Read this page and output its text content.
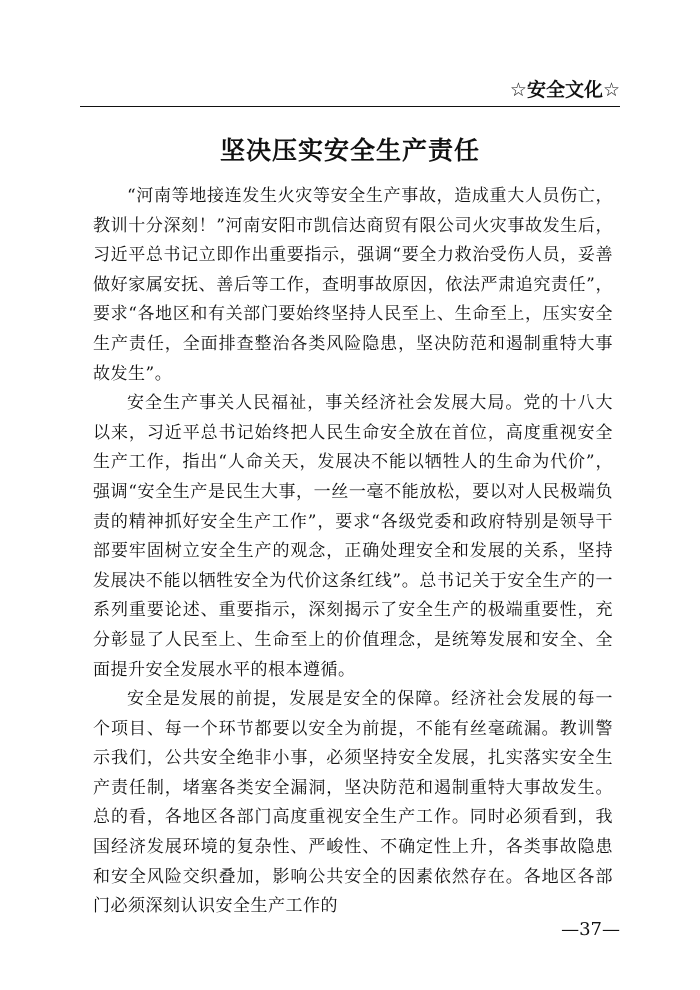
☆安全文化☆
坚决压实安全生产责任

“河南等地接连发生火灾等安全生产事故，造成重大人员伤亡，教训十分深刻！”河南安阳市凯信达商贸有限公司火灾事故发生后，习近平总书记立即作出重要指示，强调“要全力救治受伤人员，妥善做好家属安抚、善后等工作，查明事故原因，依法严肃追究责任”，要求“各地区和有关部门要始终坚持人民至上、生命至上，压实安全生产责任，全面排查整治各类风险隐患，坚决防范和遏制重特大事故发生”。

安全生产事关人民福祉，事关经济社会发展大局。党的十八大以来，习近平总书记始终把人民生命安全放在首位，高度重视安全生产工作，指出“人命关天，发展决不能以牺牲人的生命为代价”，强调“安全生产是民生大事，一丝一毫不能放松，要以对人民极端负责的精神抓好安全生产工作”，要求“各级党委和政府特别是领导干部要牢固树立安全生产的观念，正确处理安全和发展的关系，坚持发展决不能以牺牲安全为代价这条红线”。总书记关于安全生产的一系列重要论述、重要指示，深刻揭示了安全生产的极端重要性，充分彰显了人民至上、生命至上的价值理念，是统筹发展和安全、全面提升安全发展水平的根本遵循。

安全是发展的前提，发展是安全的保障。经济社会发展的每一个项目、每一个环节都要以安全为前提，不能有丝毫疏漏。教训警示我们，公共安全绝非小事，必须坚持安全发展，扎实落实安全生产责任制，堵塞各类安全漏洞，坚决防范和遏制重特大事故发生。总的看，各地区各部门高度重视安全生产工作。同时必须看到，我国经济发展环境的复杂性、严峻性、不确定性上升，各类事故隐患和安全风险交织叠加，影响公共安全的因素依然存在。各地区各部门必须深刻认识安全生产工作的

—37—
